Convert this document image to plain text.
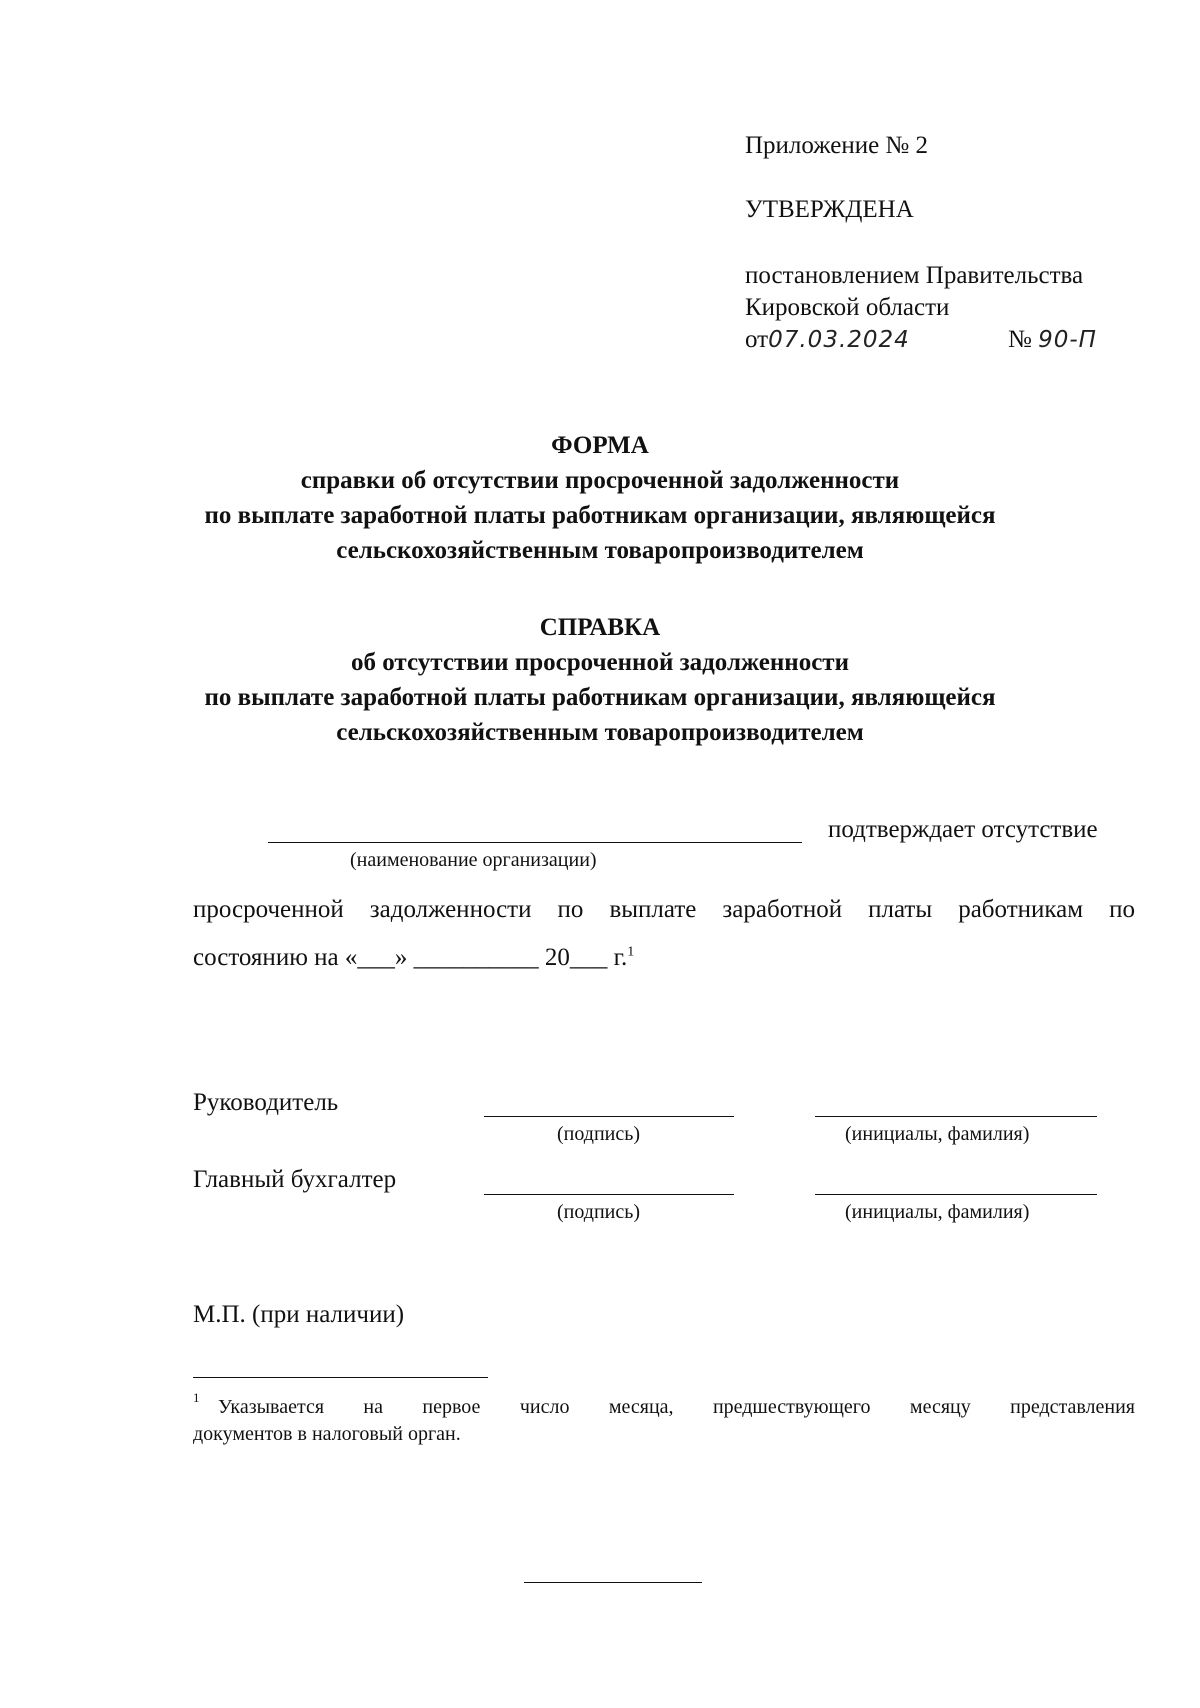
Приложение № 2
УТВЕРЖДЕНА
постановлением Правительства
Кировской области
от07.03.2024	№ 90-П
ФОРМА
справки об отсутствии просроченной задолженности
по выплате заработной платы работникам организации, являющейся
сельскохозяйственным товаропроизводителем
СПРАВКА
об отсутствии просроченной задолженности
по выплате заработной платы работникам организации, являющейся
сельскохозяйственным товаропроизводителем
подтверждает отсутствие
(наименование организации)
просроченной задолженности по выплате заработной платы работникам по
состоянию на «___» __________ 20___ г.$^1$
Руководитель
(подпись)	(инициалы, фамилия)
Главный бухгалтер
(подпись)	(инициалы, фамилия)
М.П. (при наличии)
1 Указывается на первое число месяца, предшествующего месяцу представления
документов в налоговый орган.
